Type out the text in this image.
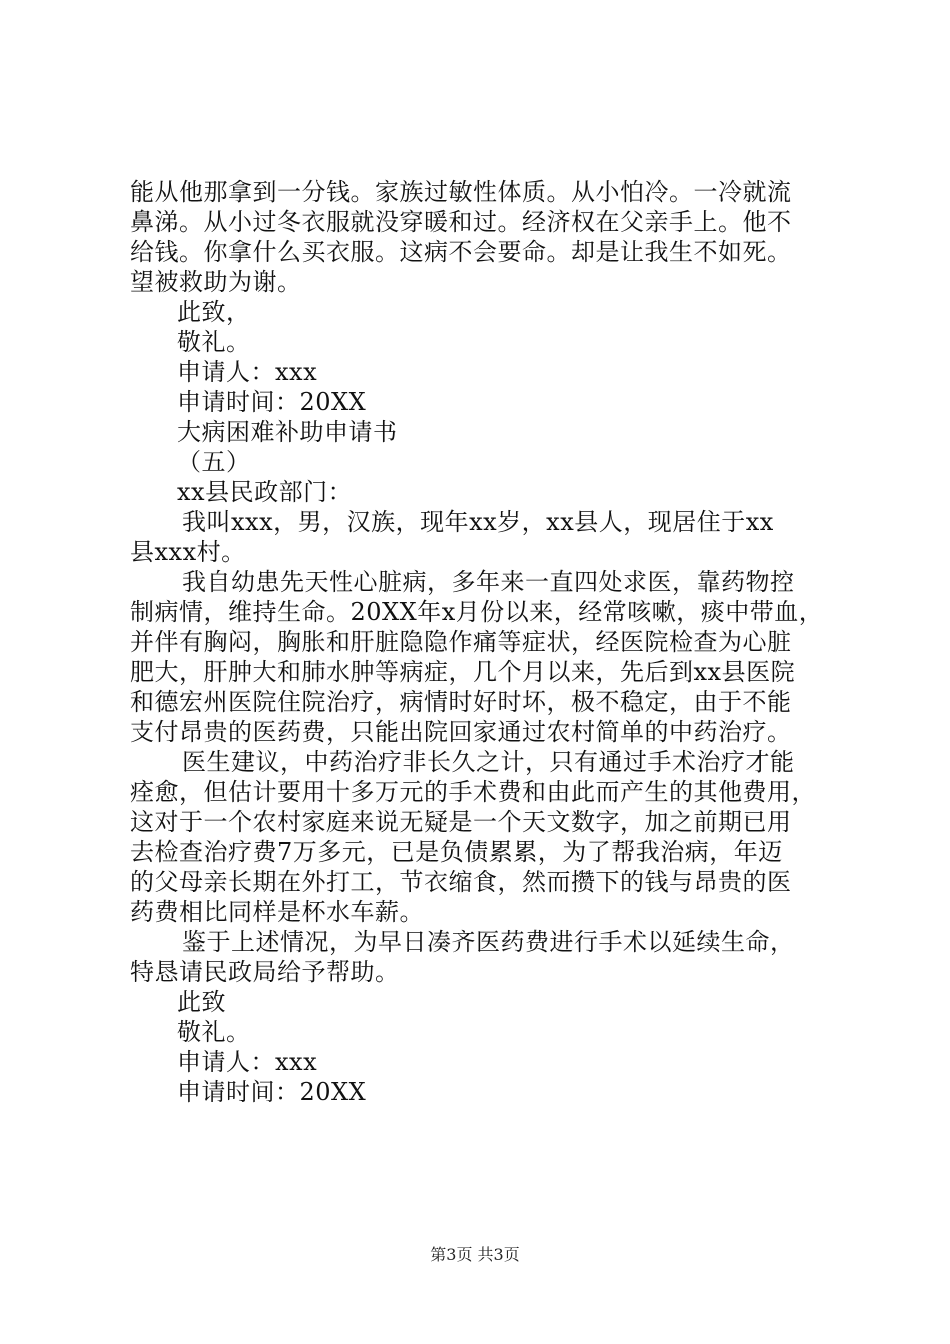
能从他那拿到一分钱。家族过敏性体质。从小怕冷。一冷就流
鼻涕。从小过冬衣服就没穿暖和过。经济权在父亲手上。他不
给钱。你拿什么买衣服。这病不会要命。却是让我生不如死。
望被救助为谢。
此致，
敬礼。
申请人：xxx
申请时间：20XX
大病困难补助申请书
（五）
xx县民政部门：
我叫xxx，男，汉族，现年xx岁，xx县人，现居住于xx
县xxx村。
我自幼患先天性心脏病，多年来一直四处求医，靠药物控
制病情，维持生命。20XX年x月份以来，经常咳嗽，痰中带血，
并伴有胸闷，胸胀和肝脏隐隐作痛等症状，经医院检查为心脏
肥大，肝肿大和肺水肿等病症，几个月以来，先后到xx县医院
和德宏州医院住院治疗，病情时好时坏，极不稳定，由于不能
支付昂贵的医药费，只能出院回家通过农村简单的中药治疗。
医生建议，中药治疗非长久之计，只有通过手术治疗才能
痊愈，但估计要用十多万元的手术费和由此而产生的其他费用，
这对于一个农村家庭来说无疑是一个天文数字，加之前期已用
去检查治疗费7万多元，已是负债累累，为了帮我治病，年迈
的父母亲长期在外打工，节衣缩食，然而攒下的钱与昂贵的医
药费相比同样是杯水车薪。
鉴于上述情况，为早日凑齐医药费进行手术以延续生命，
特恳请民政局给予帮助。
此致
敬礼。
申请人：xxx
申请时间：20XX
第3页 共3页
